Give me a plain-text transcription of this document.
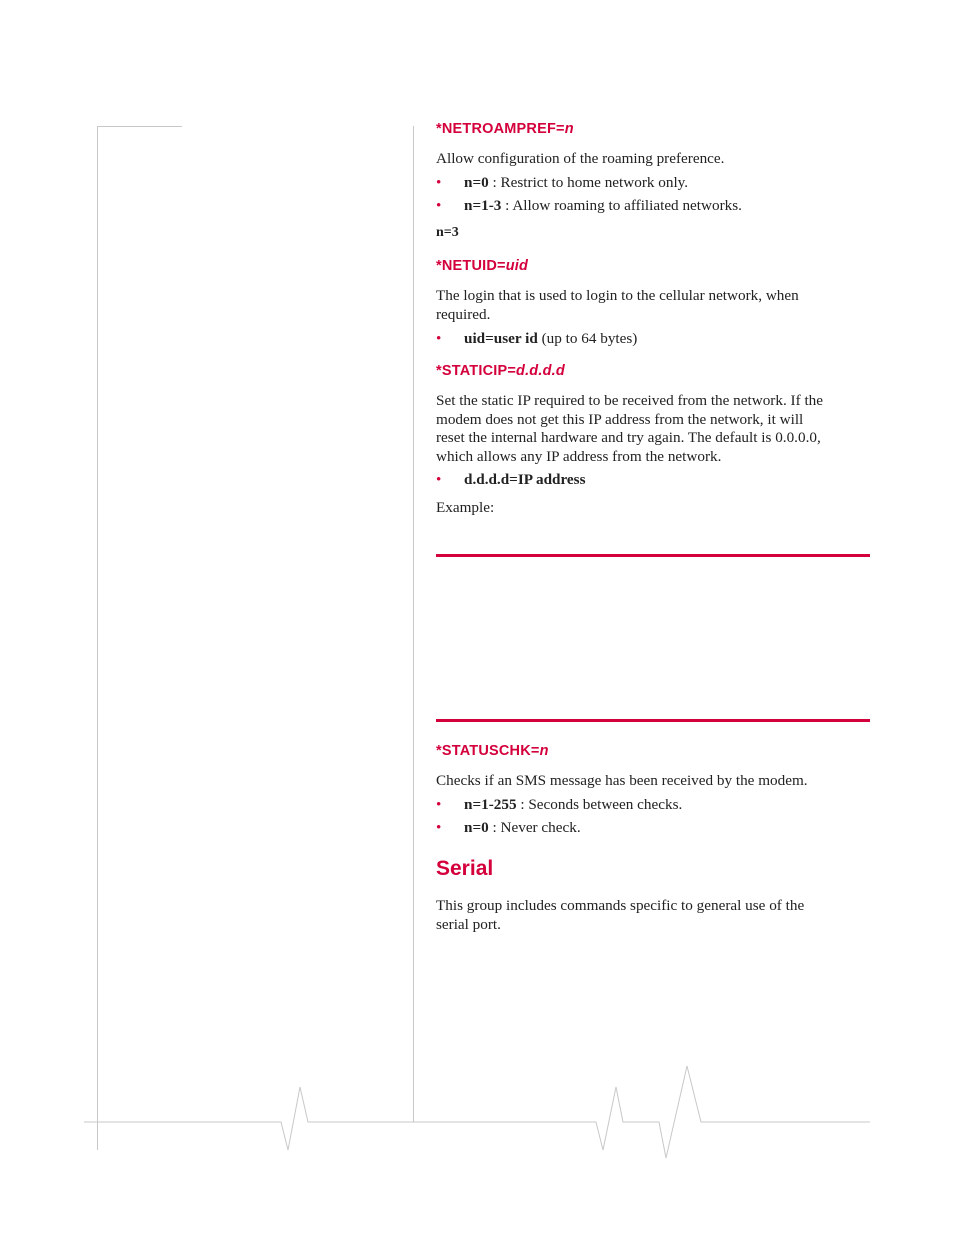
*NETROAMPREF=n
Allow configuration of the roaming preference.
• n=0 : Restrict to home network only.
• n=1-3 : Allow roaming to affiliated networks.
n=3
*NETUID=uid
The login that is used to login to the cellular network, when
required.
• uid=user id (up to 64 bytes)
*STATICIP=d.d.d.d
Set the static IP required to be received from the network. If the
modem does not get this IP address from the network, it will
reset the internal hardware and try again. The default is 0.0.0.0,
which allows any IP address from the network.
• d.d.d.d=IP address
Example:
*STATUSCHK=n
Checks if an SMS message has been received by the modem.
• n=1-255 : Seconds between checks.
• n=0 : Never check.
Serial
This group includes commands specific to general use of the
serial port.
